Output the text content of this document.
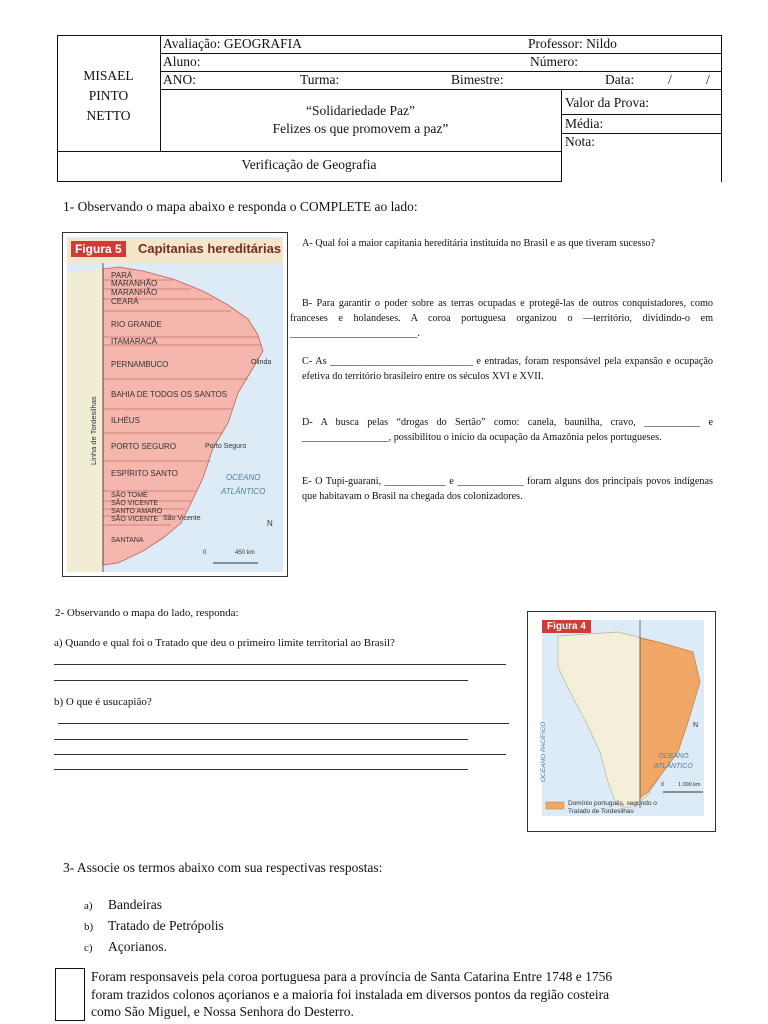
MISAEL
PINTO
NETTO
Avaliação: GEOGRAFIA	Professor: Nildo
Aluno:	Número:
ANO:	Turma:	Bimestre:	Data:	/	/
“Solidariedade Paz”
Felizes os que promovem a paz”
Valor da Prova:
Média:
Nota:
Verificação de Geografia
1- Observando o mapa abaixo e responda o COMPLETE ao lado:
Figura 5	Capitanias hereditárias
PARÁ
MARANHÃO
MARANHÃO
CEARÁ
RIO GRANDE
ITAMARACÁ
PERNAMBUCO
BAHIA DE TODOS OS SANTOS
ILHÉUS
PORTO SEGURO
ESPÍRITO SANTO
SÃO TOMÉ
SÃO VICENTE
SANTO AMARO
SÃO VICENTE
SANTANA
Olinda
Porto Seguro
São Vicente
Linha de Tordesilhas
OCEANO
ATLÂNTICO
N
0	450 km
A- Qual foi a maior capitania hereditária instituída no Brasil e as que tiveram sucesso?
B- Para garantir o poder sobre as terras ocupadas e protegê-las de outros conquistadores, como franceses e holandeses. A coroa portuguesa organizou o —território, dividindo-o em _________________________.
C- As ____________________________ e entradas, foram responsável pela expansão e ocupação efetiva do território brasileiro entre os séculos XVI e XVII.
D- A busca pelas “drogas do Sertão” como: canela, baunilha, cravo, ___________ e _________________, possibilitou o início da ocupação da Amazônia pelos portugueses.
E- O Tupi-guarani, ____________ e _____________ foram alguns dos principais povos indígenas que habitavam o Brasil na chegada dos colonizadores.
2- Observando o mapa do lado, responda:
a) Quando e qual foi o Tratado que deu o primeiro limite territorial ao Brasil?
b) O que é usucapião?
Figura 4
OCEANO PACÍFICO	OCEANO
ATLÂNTICO
N
0	1 000 km
Domínio português, segundo o
Tratado de Tordesilhas
3- Associe os termos abaixo com sua respectivas respostas:
a) Bandeiras
b) Tratado de Petrópolis
c) Açorianos.
Foram responsaveis pela coroa portuguesa para a província de Santa Catarina Entre 1748 e 1756
foram trazidos colonos açorianos e a maioria foi instalada em diversos pontos da região costeira
como São Miguel, e Nossa Senhora do Desterro.
